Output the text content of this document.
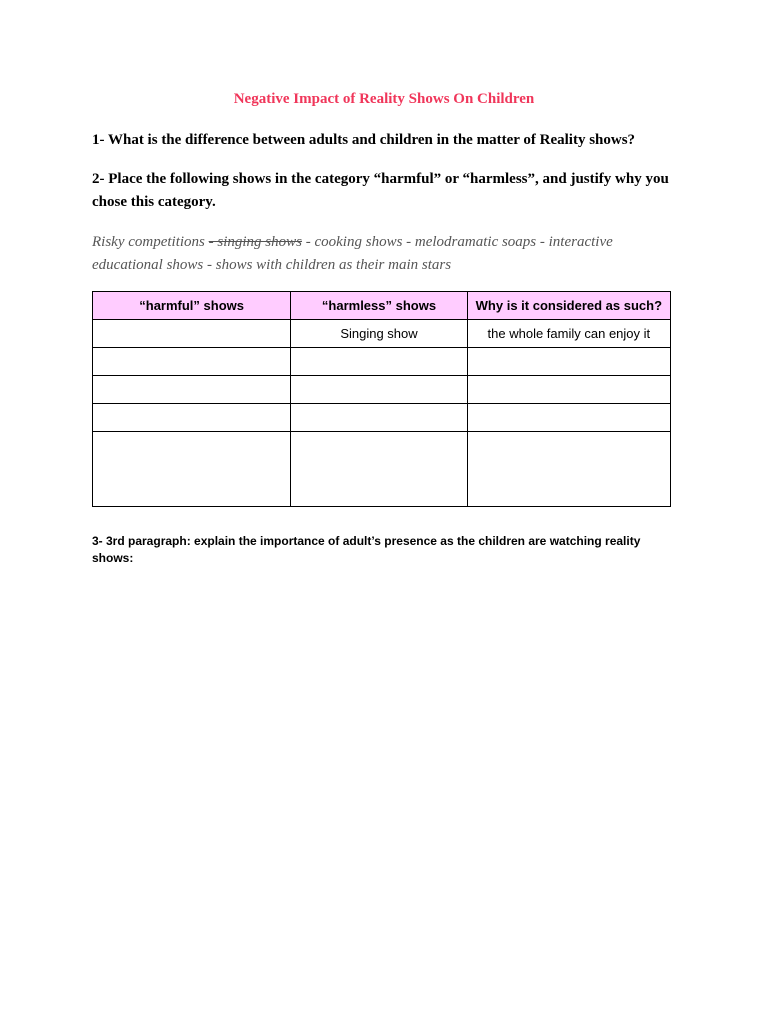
Negative Impact of Reality Shows On Children
1- What is the difference between adults and children in the matter of Reality shows?
2- Place the following shows in the category “harmful” or “harmless”, and justify why you chose this category.
Risky competitions - singing shows - cooking shows - melodramatic soaps - interactive educational shows - shows with children as their main stars
“harmful” shows	“harmless” shows	Why is it considered as such?
	Singing show	the whole family can enjoy it

3- 3rd paragraph: explain the importance of adult’s presence as the children are watching reality shows:
